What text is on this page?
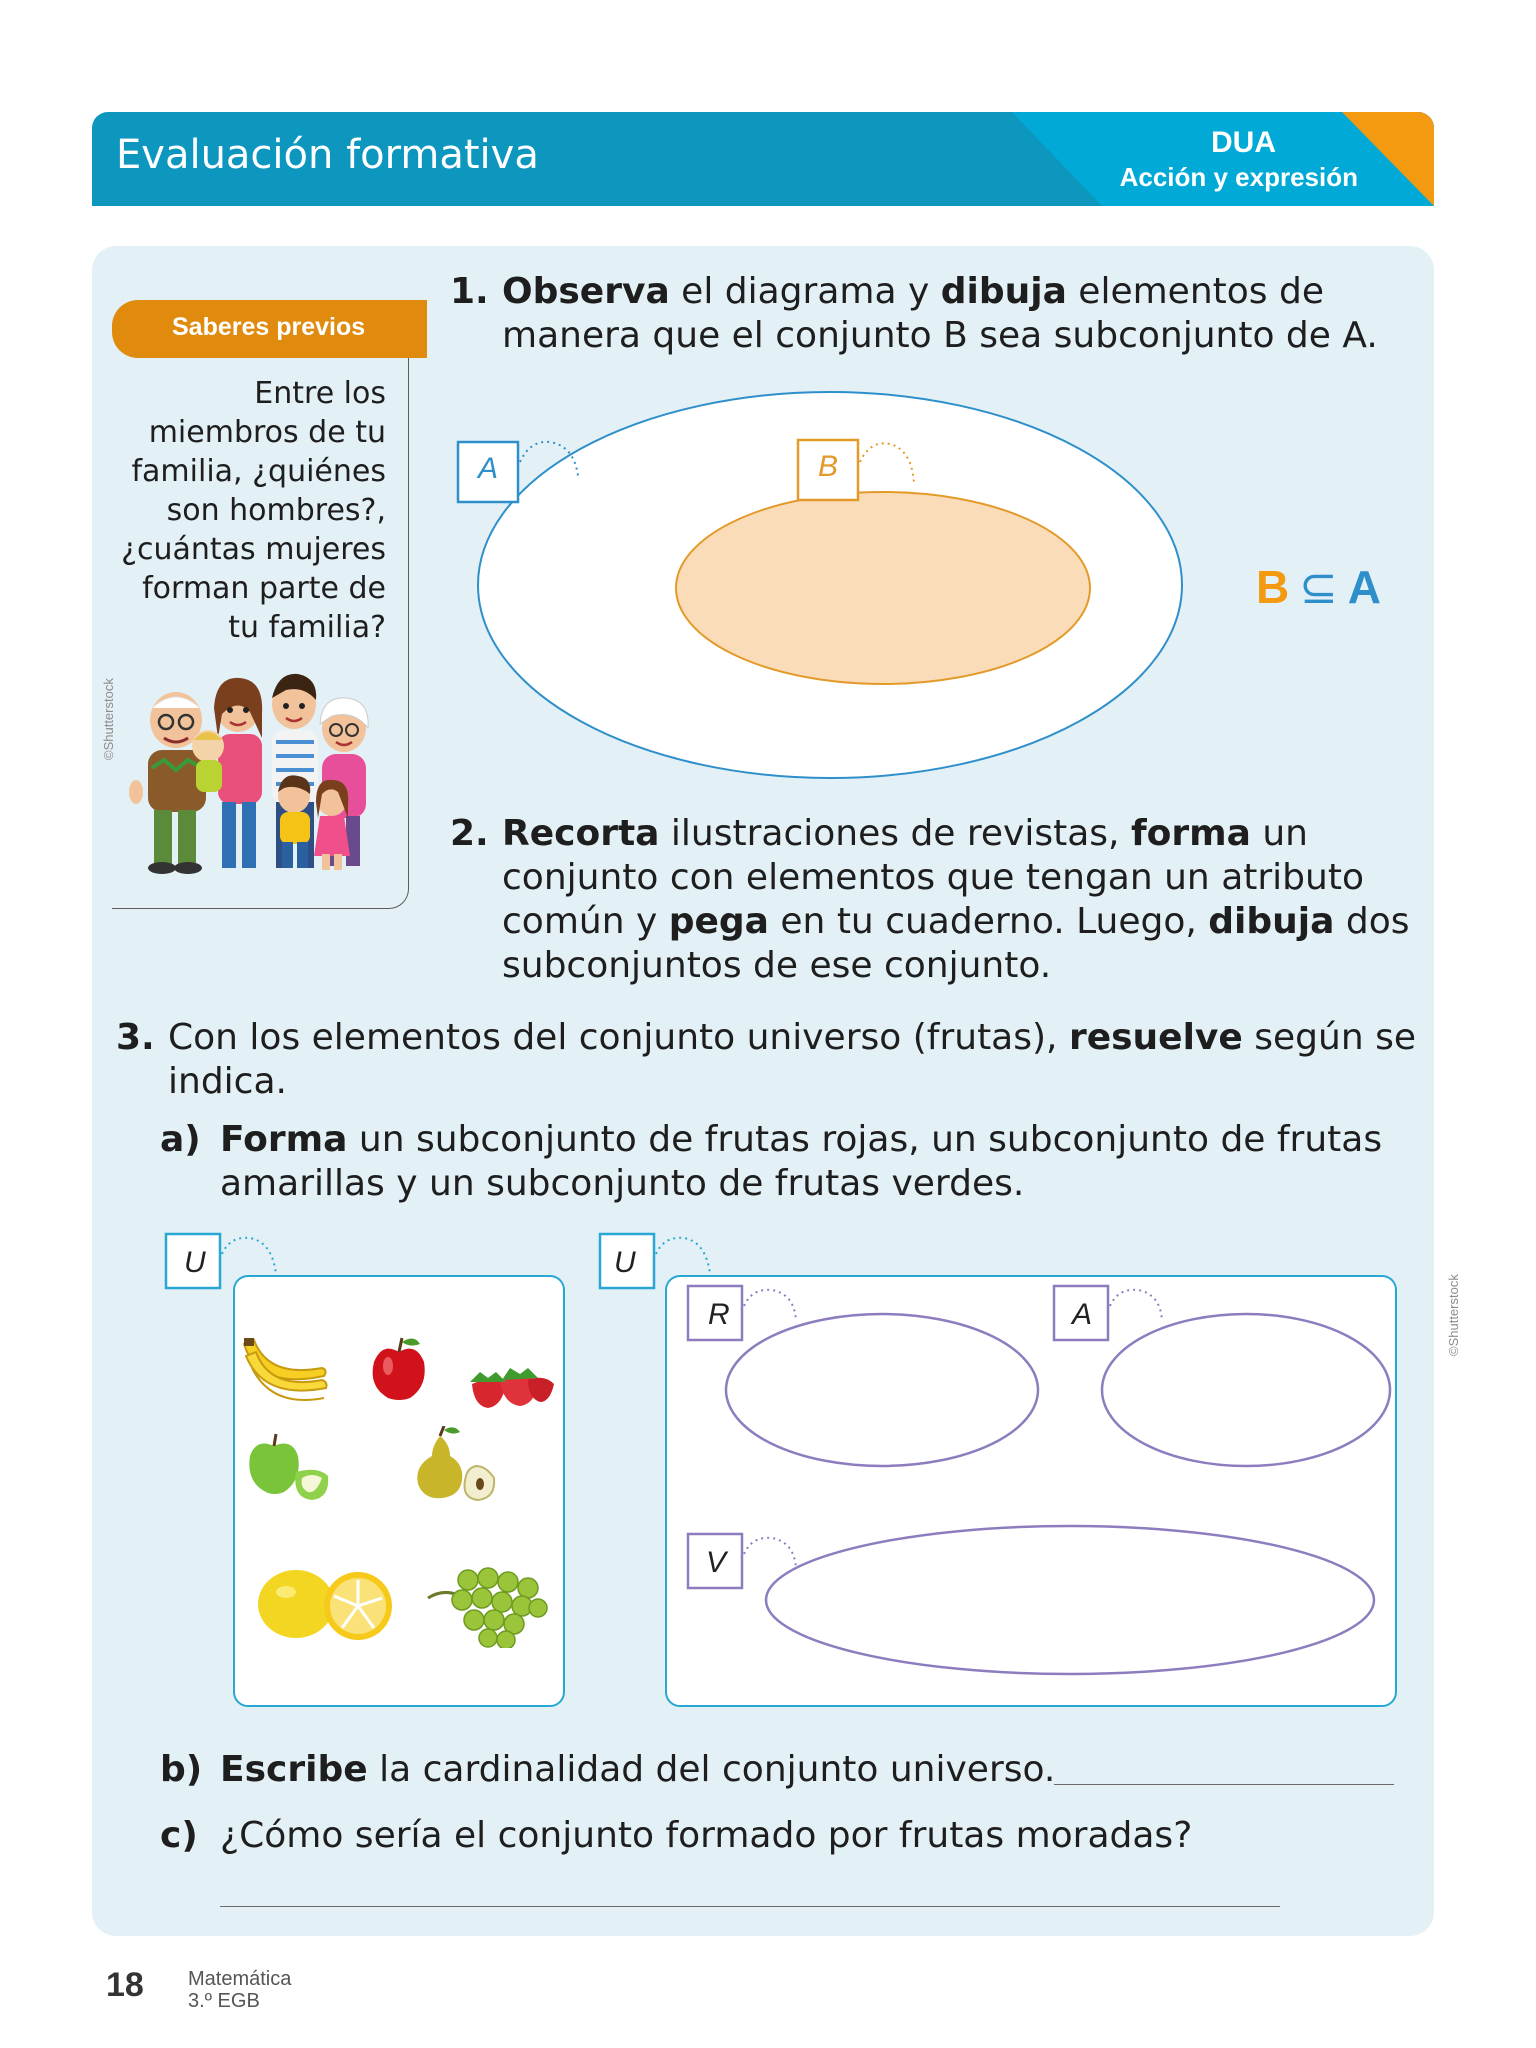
Evaluación formativa	DUA
Acción y expresión
Saberes previos
Entre los miembros de tu familia, ¿quiénes son hombres?, ¿cuántas mujeres forman parte de tu familia?
©Shutterstock
1. Observa el diagrama y dibuja elementos de manera que el conjunto B sea subconjunto de A.
A	B
B ⊆ A
2. Recorta ilustraciones de revistas, forma un conjunto con elementos que tengan un atributo común y pega en tu cuaderno. Luego, dibuja dos subconjuntos de ese conjunto.
3. Con los elementos del conjunto universo (frutas), resuelve según se indica.
a) Forma un subconjunto de frutas rojas, un subconjunto de frutas amarillas y un subconjunto de frutas verdes.
U	U
R	A
V
©Shutterstock
b) Escribe la cardinalidad del conjunto universo.
c) ¿Cómo sería el conjunto formado por frutas moradas?
18 Matemática
3.º EGB
